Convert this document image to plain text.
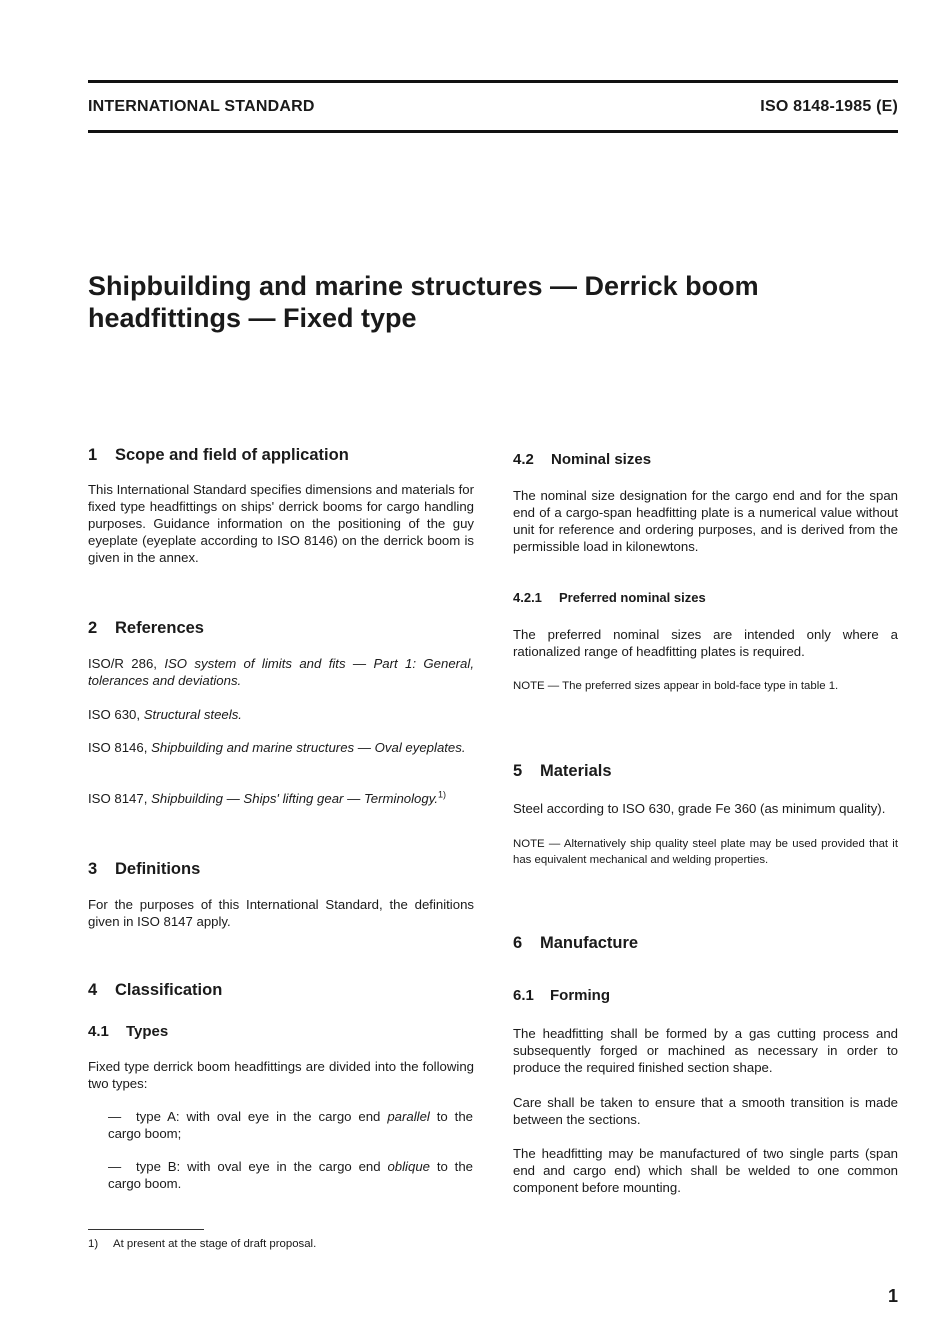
INTERNATIONAL STANDARD	ISO 8148-1985 (E)
Shipbuilding and marine structures — Derrick boom
headfittings — Fixed type
1 Scope and field of application
This International Standard specifies dimensions and materials for fixed type headfittings on ships' derrick booms for cargo handling purposes. Guidance information on the positioning of the guy eyeplate (eyeplate according to ISO 8146) on the derrick boom is given in the annex.
2 References
ISO/R 286, ISO system of limits and fits — Part 1: General, tolerances and deviations.
ISO 630, Structural steels.
ISO 8146, Shipbuilding and marine structures — Oval eyeplates.
ISO 8147, Shipbuilding — Ships' lifting gear — Terminology.$^{1)}$
3 Definitions
For the purposes of this International Standard, the definitions given in ISO 8147 apply.
4 Classification
4.1 Types
Fixed type derrick boom headfittings are divided into the following two types:
— type A: with oval eye in the cargo end parallel to the cargo boom;
— type B: with oval eye in the cargo end oblique to the cargo boom.
4.2 Nominal sizes
The nominal size designation for the cargo end and for the span end of a cargo-span headfitting plate is a numerical value without unit for reference and ordering purposes, and is derived from the permissible load in kilonewtons.
4.2.1 Preferred nominal sizes
The preferred nominal sizes are intended only where a rationalized range of headfitting plates is required.
NOTE — The preferred sizes appear in bold-face type in table 1.
5 Materials
Steel according to ISO 630, grade Fe 360 (as minimum quality).
NOTE — Alternatively ship quality steel plate may be used provided that it has equivalent mechanical and welding properties.
6 Manufacture
6.1 Forming
The headfitting shall be formed by a gas cutting process and subsequently forged or machined as necessary in order to produce the required finished section shape.
Care shall be taken to ensure that a smooth transition is made between the sections.
The headfitting may be manufactured of two single parts (span end and cargo end) which shall be welded to one common component before mounting.
1) At present at the stage of draft proposal.
1
